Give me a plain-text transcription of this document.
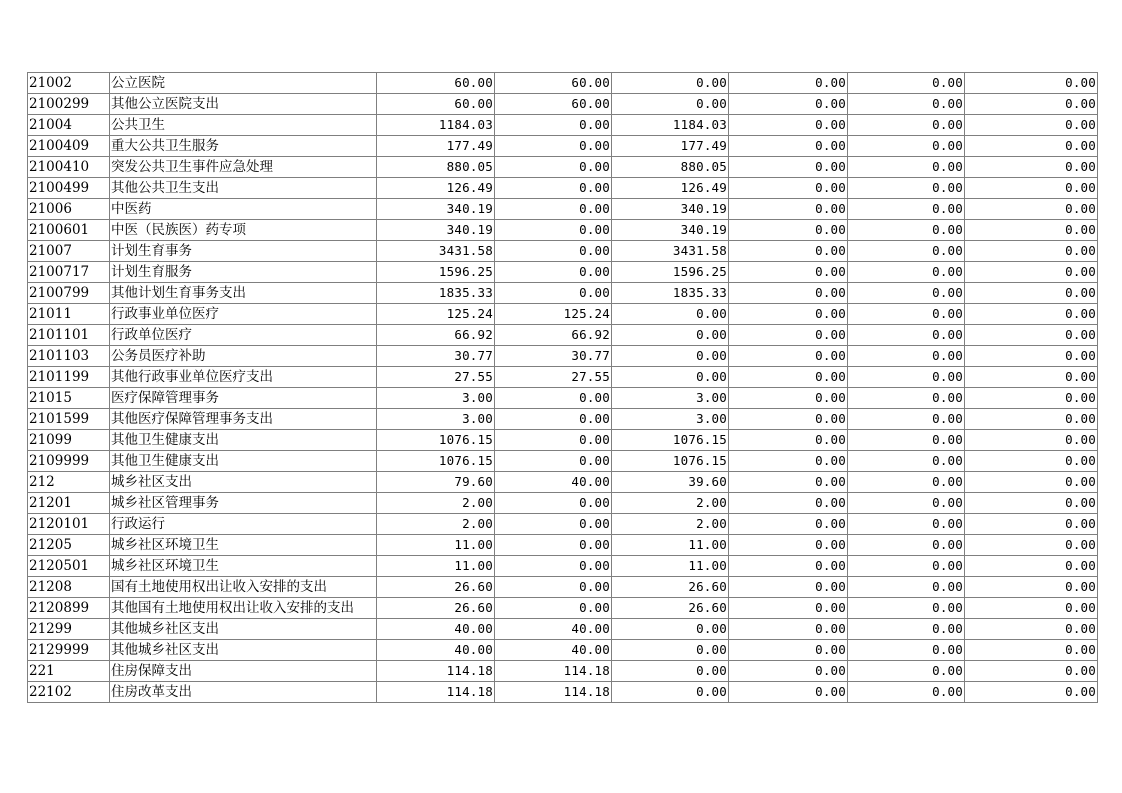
21002	公立医院	60.00	60.00	0.00	0.00	0.00	0.00
2100299	其他公立医院支出	60.00	60.00	0.00	0.00	0.00	0.00
21004	公共卫生	1184.03	0.00	1184.03	0.00	0.00	0.00
2100409	重大公共卫生服务	177.49	0.00	177.49	0.00	0.00	0.00
2100410	突发公共卫生事件应急处理	880.05	0.00	880.05	0.00	0.00	0.00
2100499	其他公共卫生支出	126.49	0.00	126.49	0.00	0.00	0.00
21006	中医药	340.19	0.00	340.19	0.00	0.00	0.00
2100601	中医（民族医）药专项	340.19	0.00	340.19	0.00	0.00	0.00
21007	计划生育事务	3431.58	0.00	3431.58	0.00	0.00	0.00
2100717	计划生育服务	1596.25	0.00	1596.25	0.00	0.00	0.00
2100799	其他计划生育事务支出	1835.33	0.00	1835.33	0.00	0.00	0.00
21011	行政事业单位医疗	125.24	125.24	0.00	0.00	0.00	0.00
2101101	行政单位医疗	66.92	66.92	0.00	0.00	0.00	0.00
2101103	公务员医疗补助	30.77	30.77	0.00	0.00	0.00	0.00
2101199	其他行政事业单位医疗支出	27.55	27.55	0.00	0.00	0.00	0.00
21015	医疗保障管理事务	3.00	0.00	3.00	0.00	0.00	0.00
2101599	其他医疗保障管理事务支出	3.00	0.00	3.00	0.00	0.00	0.00
21099	其他卫生健康支出	1076.15	0.00	1076.15	0.00	0.00	0.00
2109999	其他卫生健康支出	1076.15	0.00	1076.15	0.00	0.00	0.00
212	城乡社区支出	79.60	40.00	39.60	0.00	0.00	0.00
21201	城乡社区管理事务	2.00	0.00	2.00	0.00	0.00	0.00
2120101	行政运行	2.00	0.00	2.00	0.00	0.00	0.00
21205	城乡社区环境卫生	11.00	0.00	11.00	0.00	0.00	0.00
2120501	城乡社区环境卫生	11.00	0.00	11.00	0.00	0.00	0.00
21208	国有土地使用权出让收入安排的支出	26.60	0.00	26.60	0.00	0.00	0.00
2120899	其他国有土地使用权出让收入安排的支出	26.60	0.00	26.60	0.00	0.00	0.00
21299	其他城乡社区支出	40.00	40.00	0.00	0.00	0.00	0.00
2129999	其他城乡社区支出	40.00	40.00	0.00	0.00	0.00	0.00
221	住房保障支出	114.18	114.18	0.00	0.00	0.00	0.00
22102	住房改革支出	114.18	114.18	0.00	0.00	0.00	0.00
